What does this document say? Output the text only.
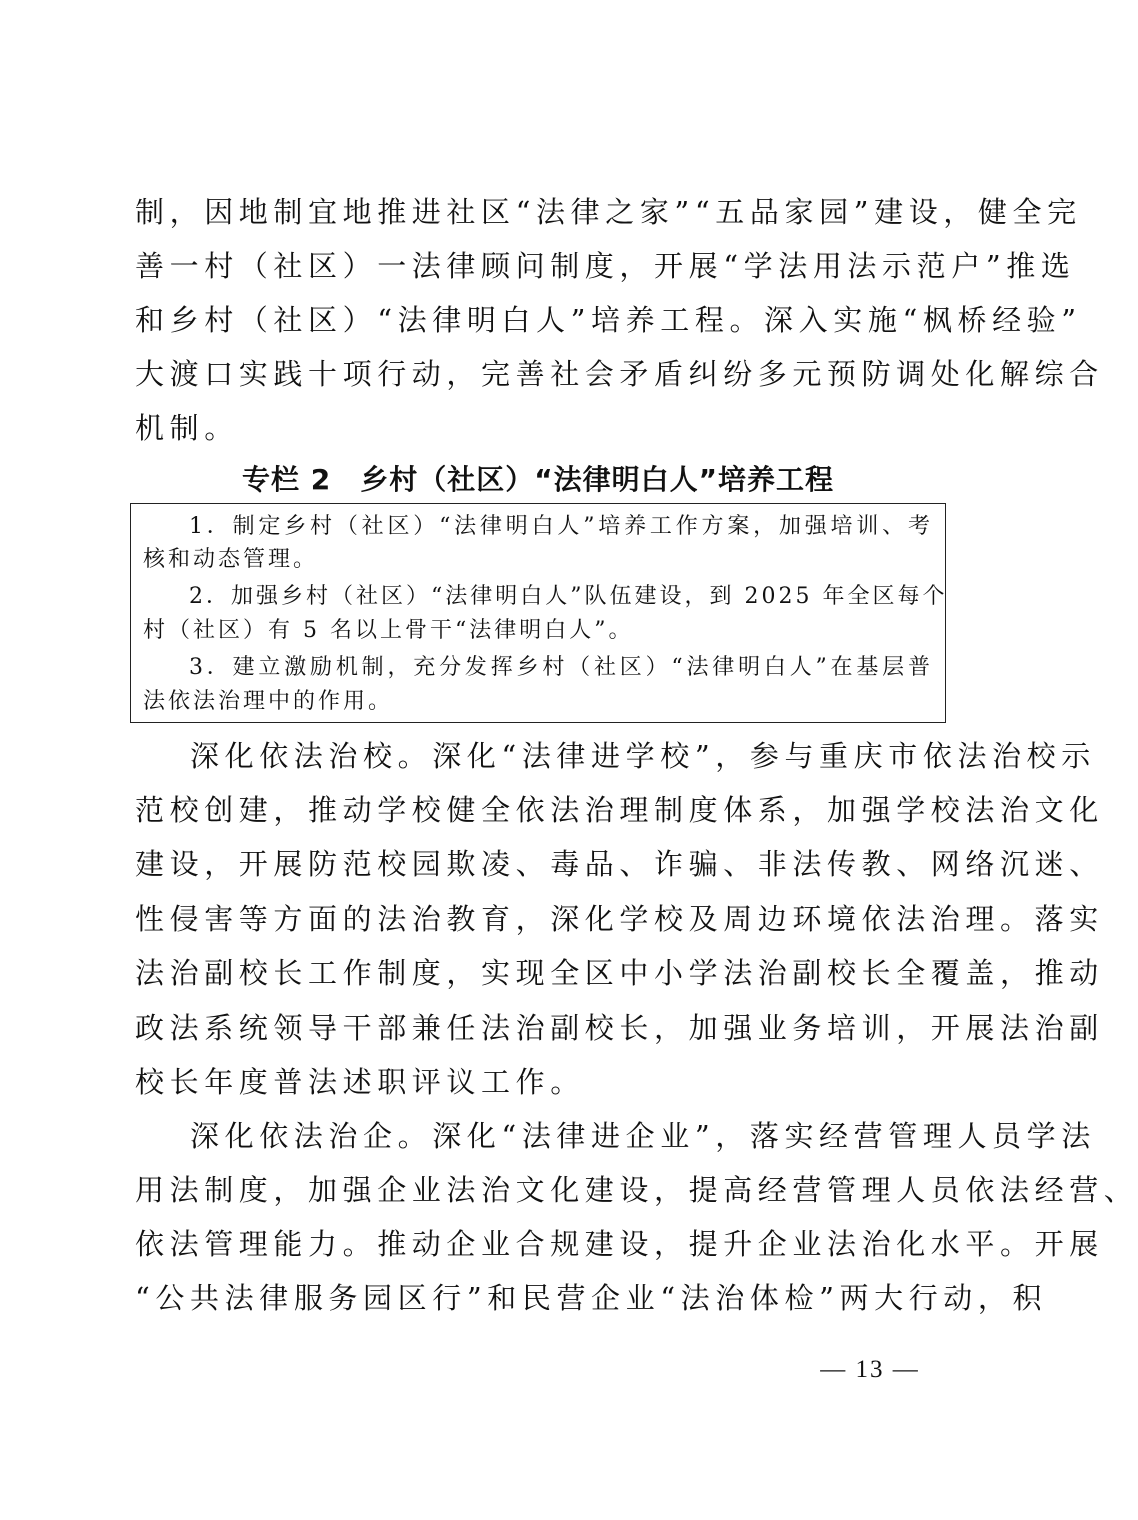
制，因地制宜地推进社区“法律之家”“五品家园”建设，健全完
善一村（社区）一法律顾问制度，开展“学法用法示范户”推选
和乡村（社区）“法律明白人”培养工程。深入实施“枫桥经验”
大渡口实践十项行动，完善社会矛盾纠纷多元预防调处化解综合
机制。
专栏 2　乡村（社区）“法律明白人”培养工程
1．制定乡村（社区）“法律明白人”培养工作方案，加强培训、考
核和动态管理。
2．加强乡村（社区）“法律明白人”队伍建设，到 2025 年全区每个
村（社区）有 5 名以上骨干“法律明白人”。
3．建立激励机制，充分发挥乡村（社区）“法律明白人”在基层普
法依法治理中的作用。
深化依法治校。深化“法律进学校”，参与重庆市依法治校示
范校创建，推动学校健全依法治理制度体系，加强学校法治文化
建设，开展防范校园欺凌、毒品、诈骗、非法传教、网络沉迷、
性侵害等方面的法治教育，深化学校及周边环境依法治理。落实
法治副校长工作制度，实现全区中小学法治副校长全覆盖，推动
政法系统领导干部兼任法治副校长，加强业务培训，开展法治副
校长年度普法述职评议工作。
深化依法治企。深化“法律进企业”，落实经营管理人员学法
用法制度，加强企业法治文化建设，提高经营管理人员依法经营、
依法管理能力。推动企业合规建设，提升企业法治化水平。开展
“公共法律服务园区行”和民营企业“法治体检”两大行动，积
— 13 —
